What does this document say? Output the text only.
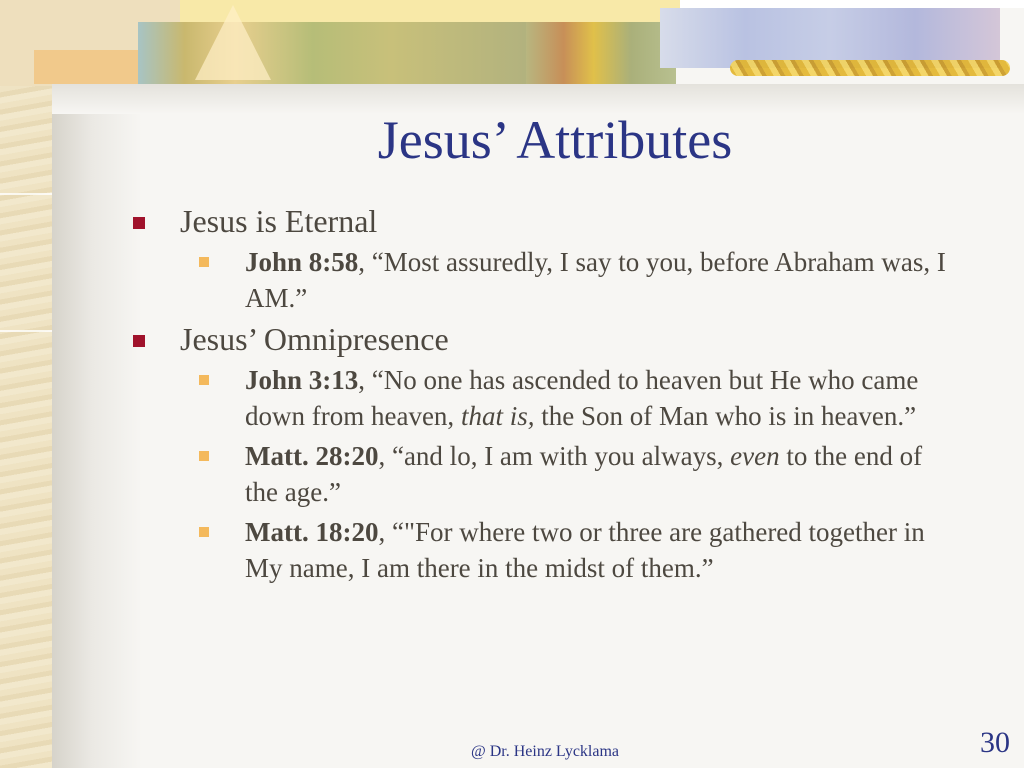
Jesus’ Attributes
Jesus is Eternal
John 8:58, “Most assuredly, I say to you, before Abraham was, I AM.”
Jesus’ Omnipresence
John 3:13, “No one has ascended to heaven but He who came down from heaven, that is, the Son of Man who is in heaven.”
Matt. 28:20, “and lo, I am with you always, even to the end of the age.”
Matt. 18:20, “"For where two or three are gathered together in My name, I am there in the midst of them.”
@ Dr. Heinz Lycklama	30
